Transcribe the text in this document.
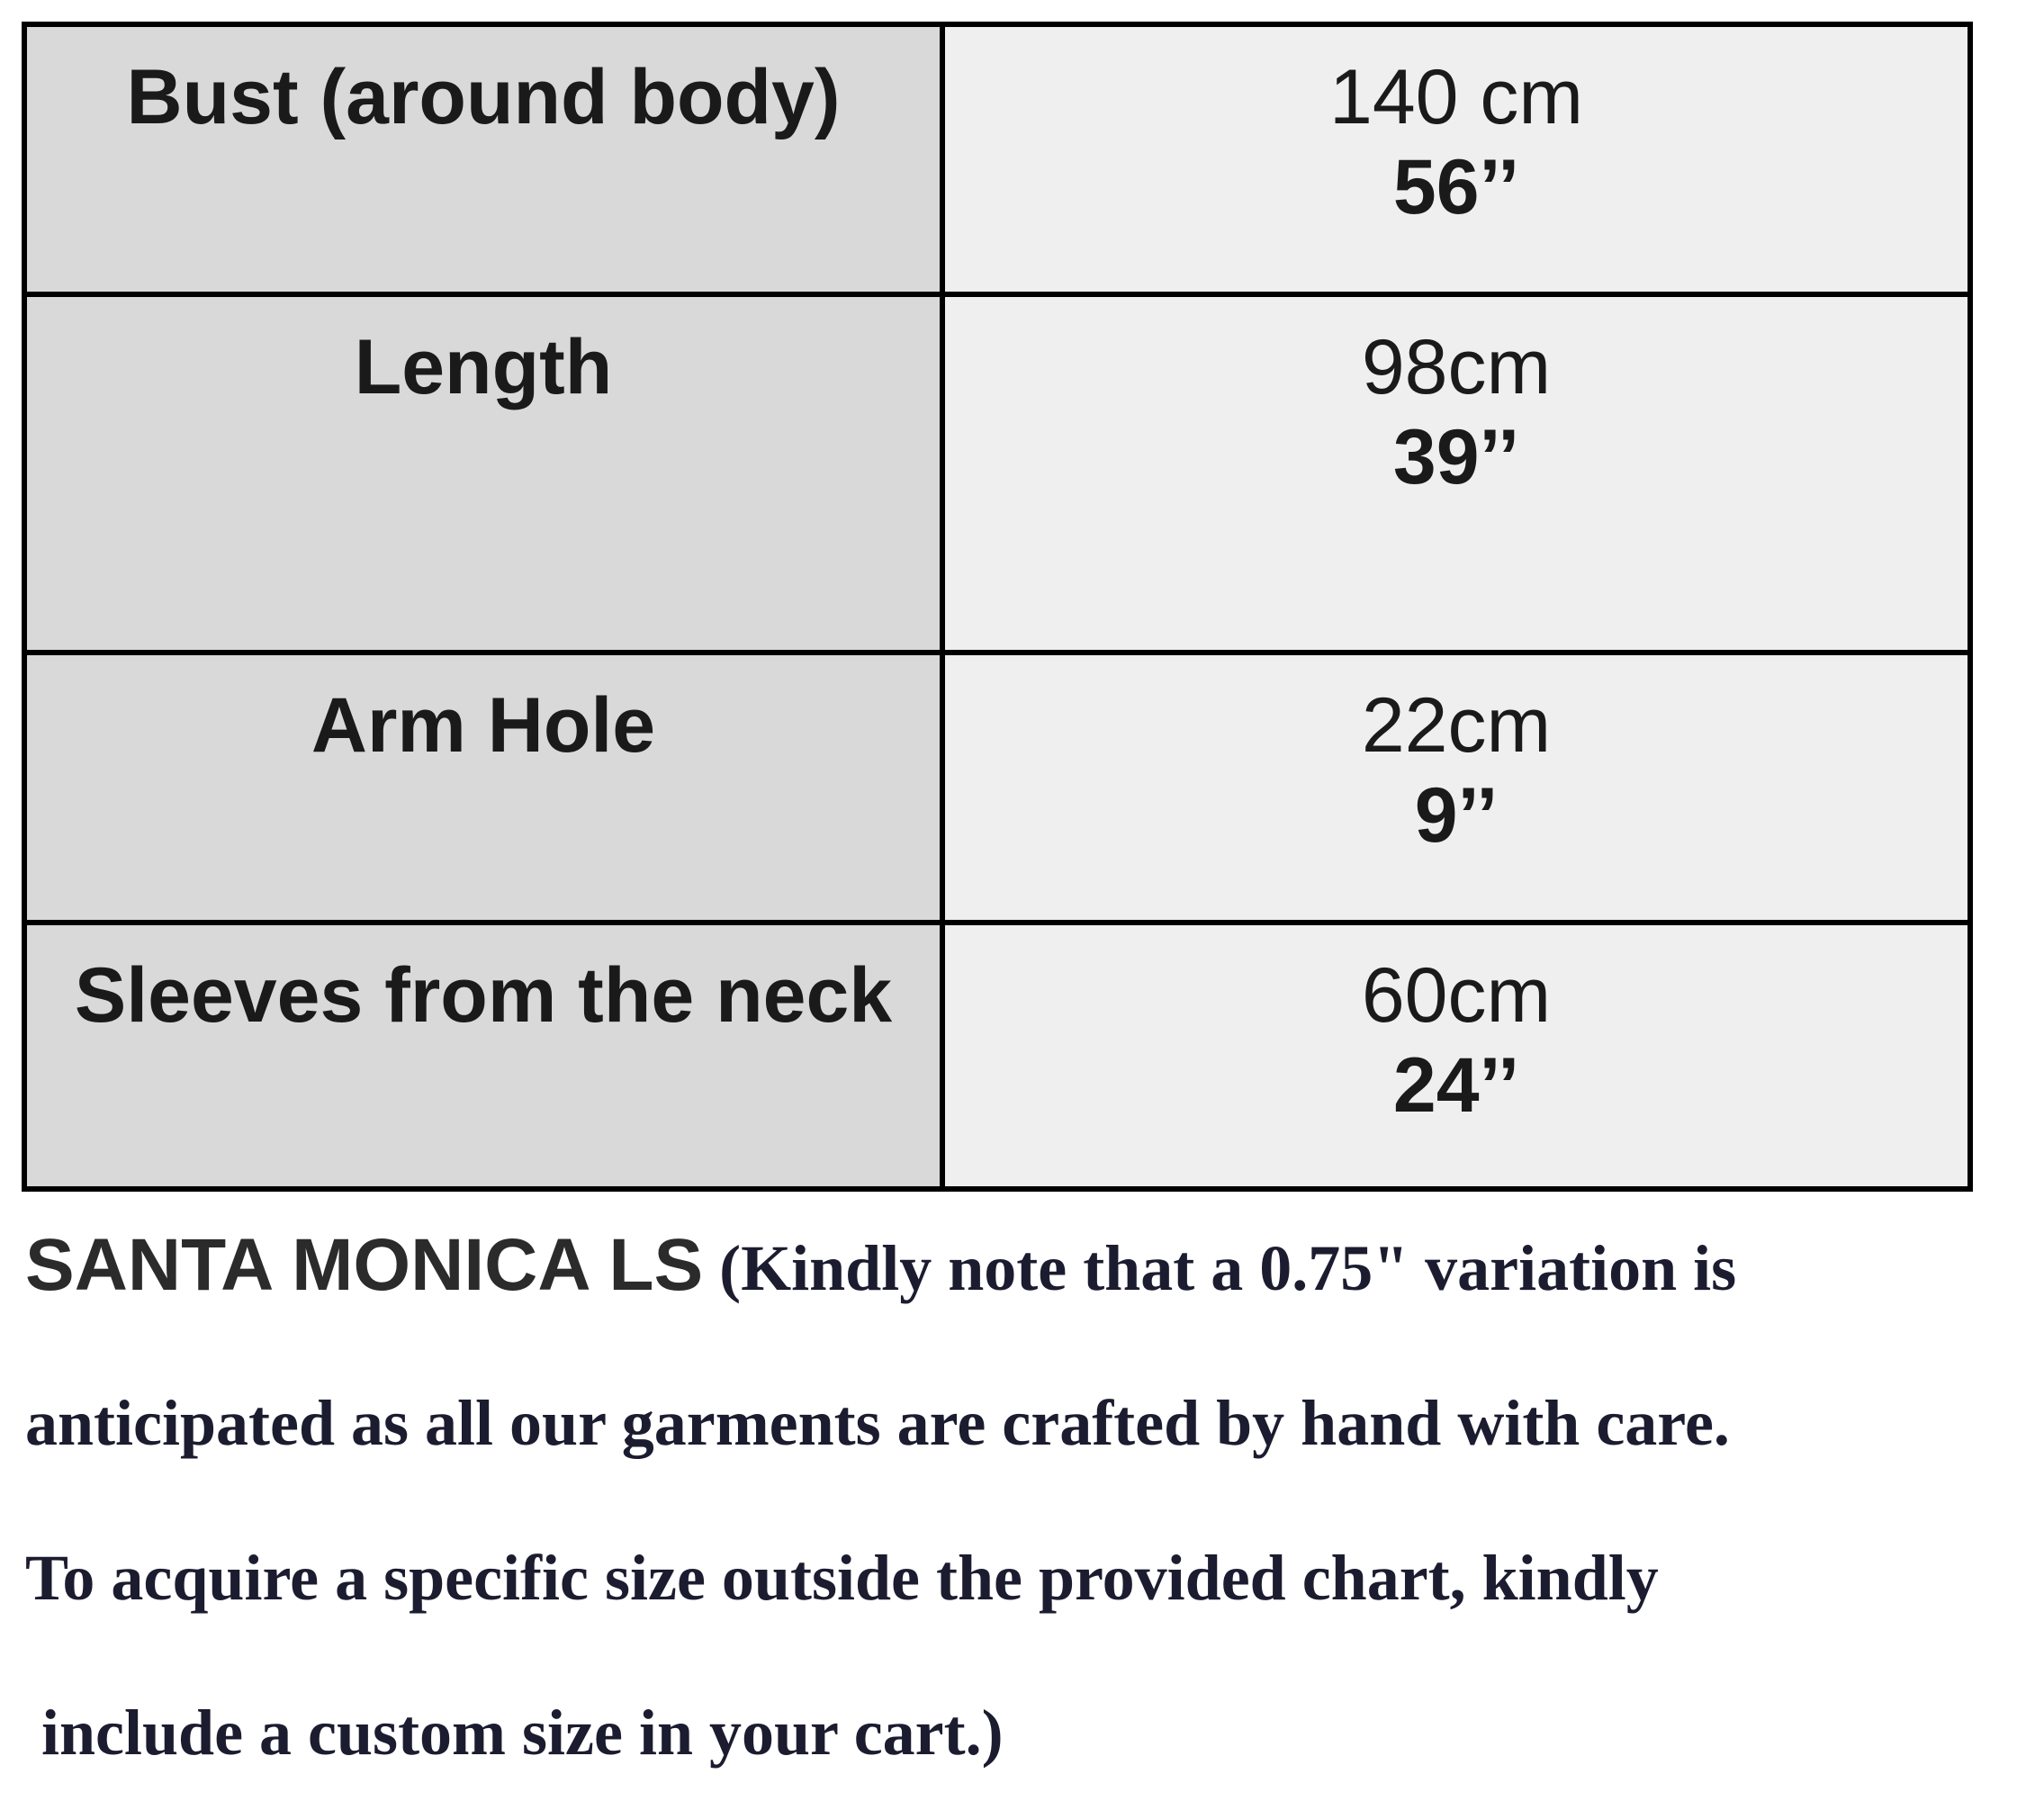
Bust (around body)	140 cm
56’’
Length	98cm
39’’
Arm Hole	22cm
9’’
Sleeves from the neck	60cm
24’’

SANTA MONICA LS (Kindly note that a 0.75" variation is
anticipated as all our garments are crafted by hand with care.
To acquire a specific size outside the provided chart, kindly
include a custom size in your cart.)
